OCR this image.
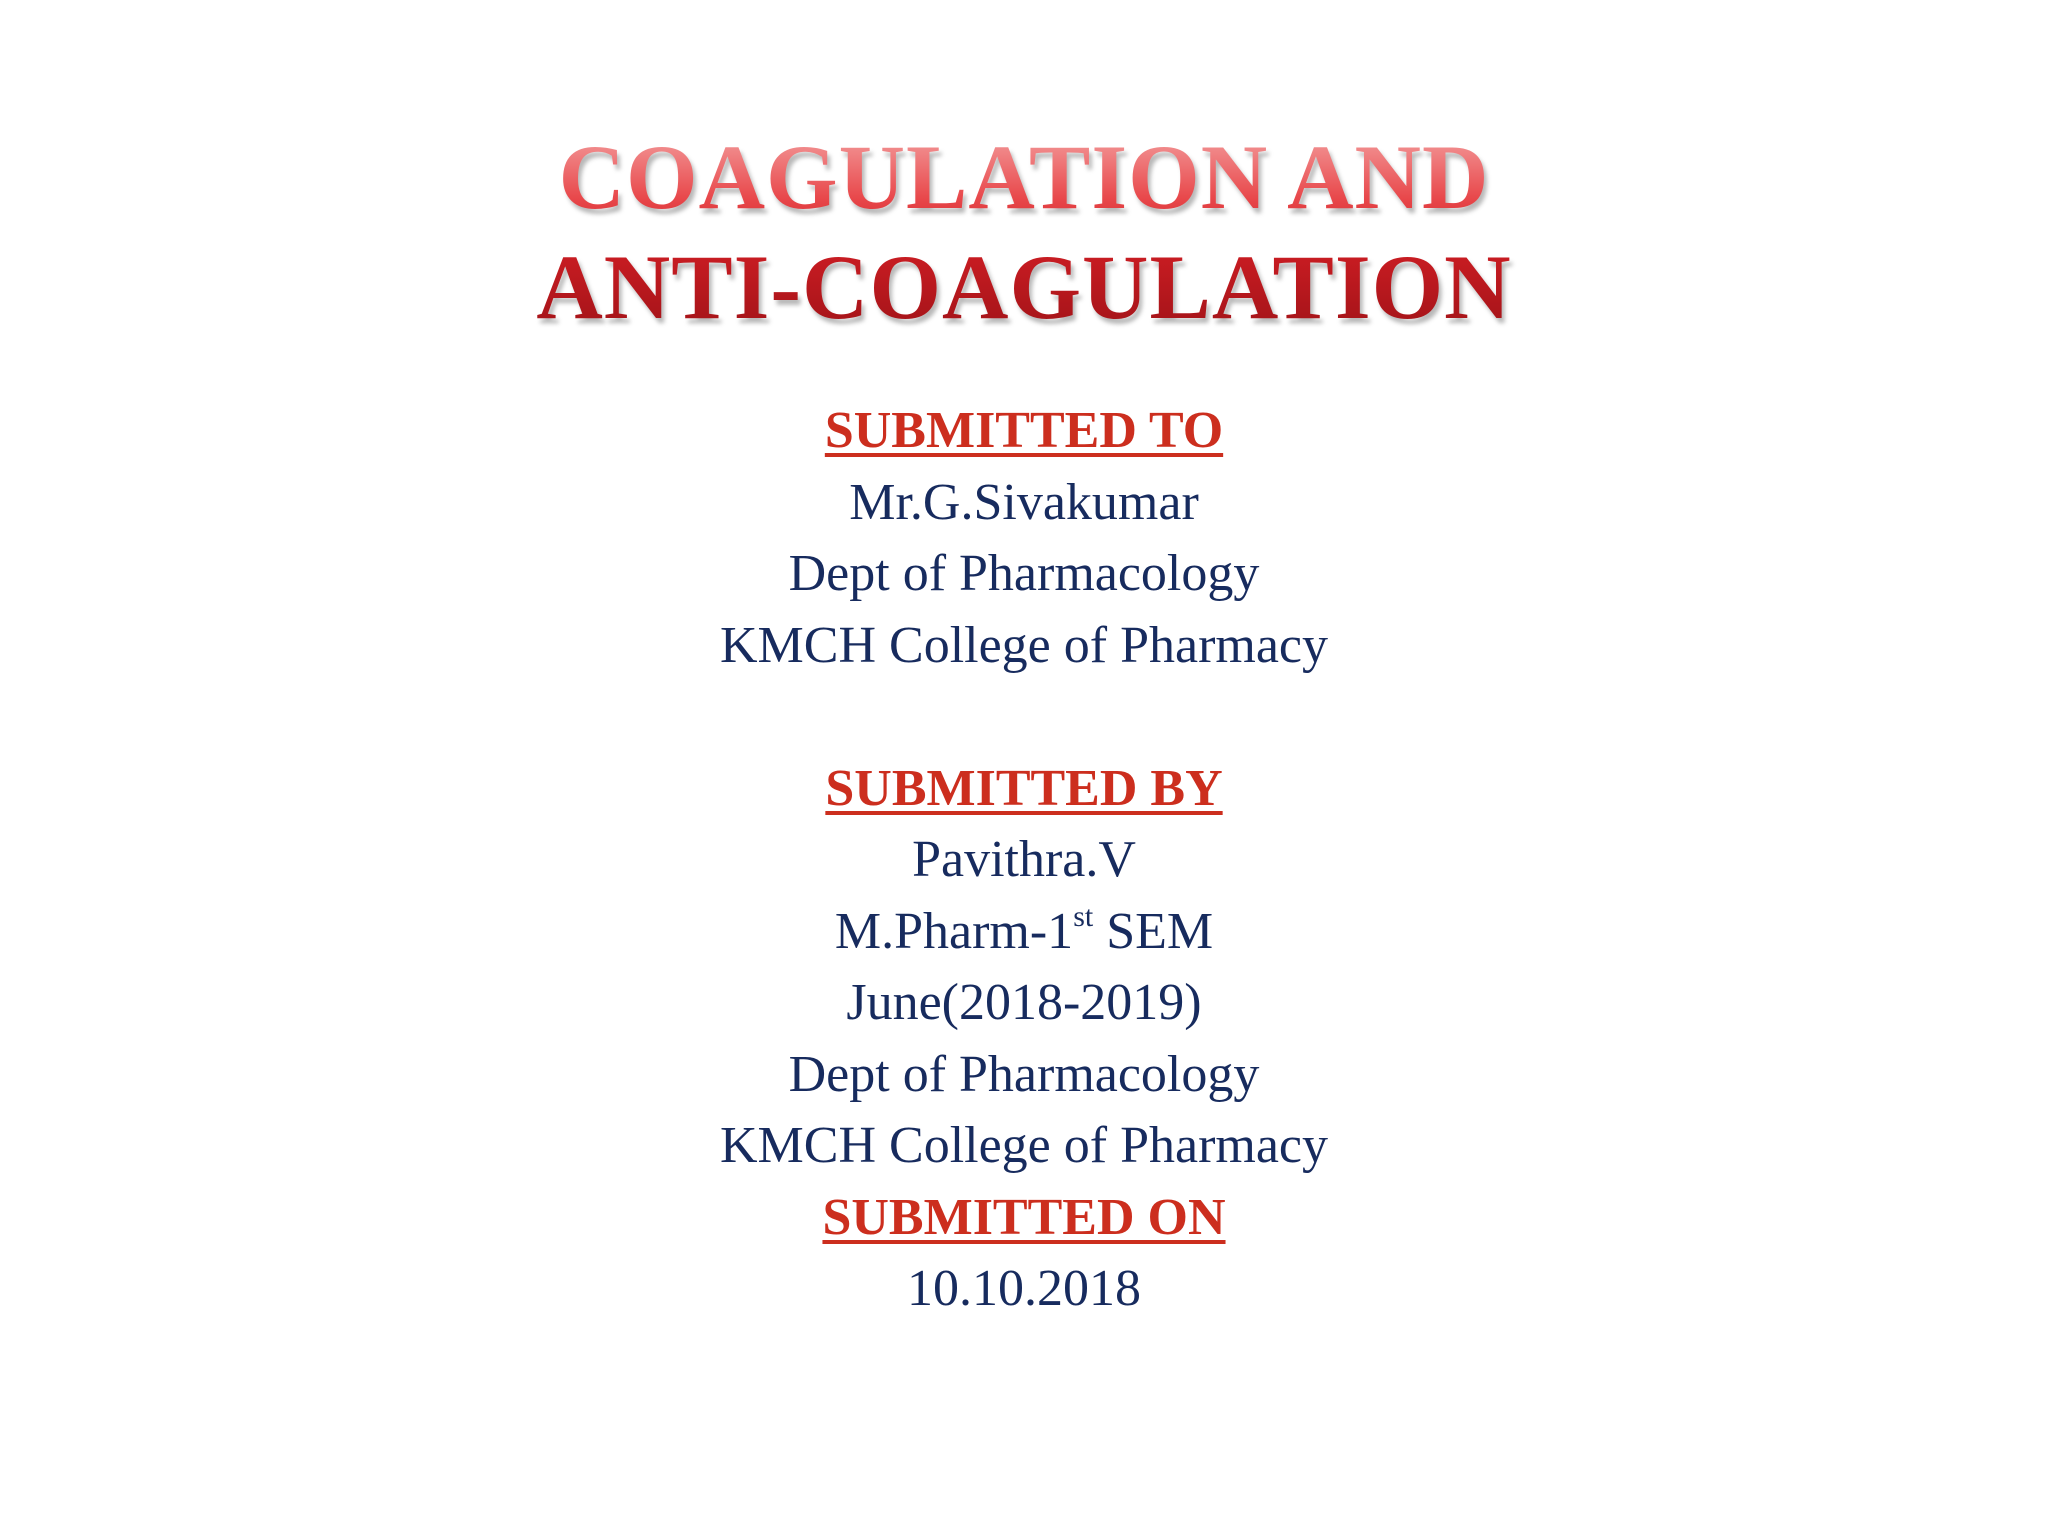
COAGULATION AND
ANTI-COAGULATION
SUBMITTED TO
Mr.G.Sivakumar
Dept of Pharmacology
KMCH College of Pharmacy
SUBMITTED BY
Pavithra.V
M.Pharm-1st SEM
June(2018-2019)
Dept of Pharmacology
KMCH College of Pharmacy
SUBMITTED ON
10.10.2018
